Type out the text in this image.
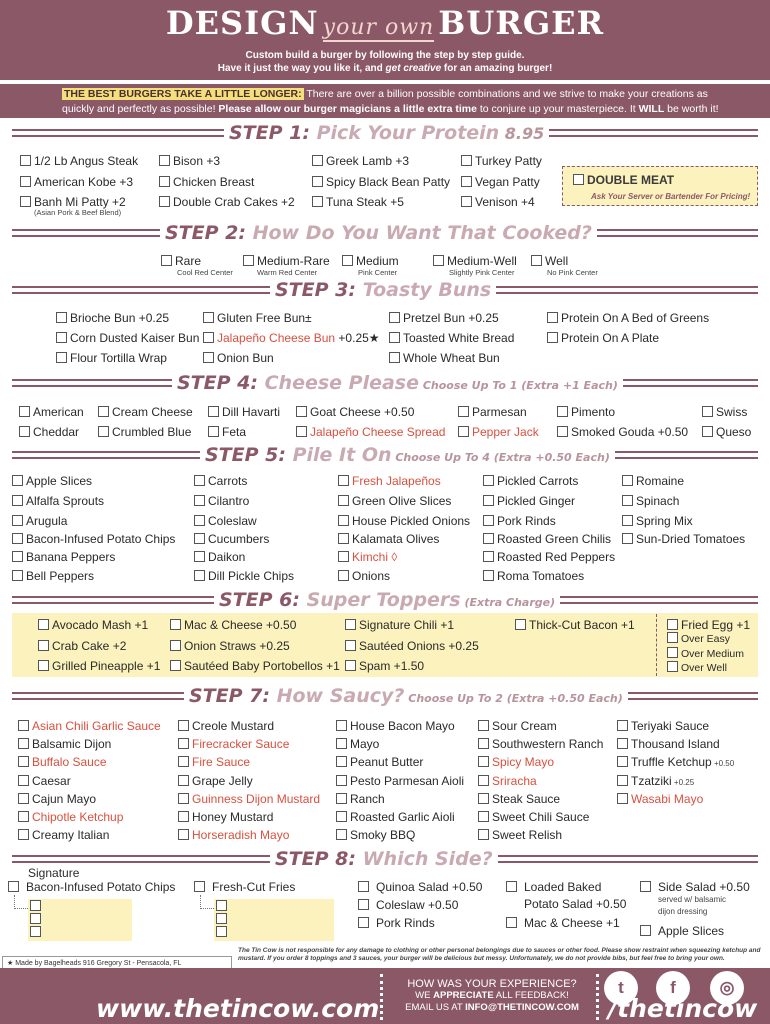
DESIGN your own BURGER
Custom build a burger by following the step by step guide.
Have it just the way you like it, and get creative for an amazing burger!
THE BEST BURGERS TAKE A LITTLE LONGER: There are over a billion possible combinations and we strive to make your creations as quickly and perfectly as possible! Please allow our burger magicians a little extra time to conjure up your masterpiece. It WILL be worth it!
STEP 1: Pick Your Protein 8.95
STEP 2: How Do You Want That Cooked?
STEP 3: Toasty Buns
STEP 4: Cheese Please Choose Up To 1 (Extra +1 Each)
STEP 5: Pile It On Choose Up To 4 (Extra +0.50 Each)
STEP 6: Super Toppers (Extra Charge)
STEP 7: How Saucy? Choose Up To 2 (Extra +0.50 Each)
STEP 8: Which Side?
1/2 Lb Angus Steak
American Kobe +3
Banh Mi Patty +2
(Asian Pork & Beef Blend)
Bison +3
Chicken Breast
Double Crab Cakes +2
Greek Lamb +3
Spicy Black Bean Patty
Tuna Steak +5
Turkey Patty
Vegan Patty
Venison +4
DOUBLE MEAT
Ask Your Server or Bartender For Pricing!
Rare	Medium-Rare	Medium	Medium-Well	Well
Cool Red Center	Warm Red Center	Pink Center	Slightly Pink Center	No Pink Center
Brioche Bun +0.25
Corn Dusted Kaiser Bun
Flour Tortilla Wrap
Gluten Free Bun±
Jalapeño Cheese Bun +0.25★
Onion Bun
Pretzel Bun +0.25
Toasted White Bread
Whole Wheat Bun
Protein On A Bed of Greens
Protein On A Plate
American
Cheddar
Cream Cheese
Crumbled Blue
Dill Havarti
Feta
Goat Cheese +0.50
Jalapeño Cheese Spread
Parmesan
Pepper Jack
Pimento
Smoked Gouda +0.50
Swiss
Queso
Apple Slices
Alfalfa Sprouts
Arugula
Bacon-Infused Potato Chips
Banana Peppers
Bell Peppers
Carrots
Cilantro
Coleslaw
Cucumbers
Daikon
Dill Pickle Chips
Fresh Jalapeños
Green Olive Slices
House Pickled Onions
Kalamata Olives
Kimchi ◊
Onions
Pickled Carrots
Pickled Ginger
Pork Rinds
Roasted Green Chilis
Roasted Red Peppers
Roma Tomatoes
Romaine
Spinach
Spring Mix
Sun-Dried Tomatoes
Avocado Mash +1
Crab Cake +2
Grilled Pineapple +1
Mac & Cheese +0.50
Onion Straws +0.25
Sautéed Baby Portobellos +1
Signature Chili +1
Sautéed Onions +0.25
Spam +1.50
Thick-Cut Bacon +1	Fried Egg +1
Over Easy
Over Medium
Over Well
Asian Chili Garlic Sauce
Balsamic Dijon
Buffalo Sauce
Caesar
Cajun Mayo
Chipotle Ketchup
Creamy Italian
Creole Mustard
Firecracker Sauce
Fire Sauce
Grape Jelly
Guinness Dijon Mustard
Honey Mustard
Horseradish Mayo
House Bacon Mayo
Mayo
Peanut Butter
Pesto Parmesan Aioli
Ranch
Roasted Garlic Aioli
Smoky BBQ
Sour Cream
Southwestern Ranch
Spicy Mayo
Sriracha
Steak Sauce
Sweet Chili Sauce
Sweet Relish
Teriyaki Sauce
Thousand Island
Truffle Ketchup +0.50
Tzatziki +0.25
Wasabi Mayo
Signature
Bacon-Infused Potato Chips	Fresh-Cut Fries	Quinoa Salad +0.50
Coleslaw +0.50
Pork Rinds
Loaded Baked
Potato Salad +0.50
Mac & Cheese +1
Side Salad +0.50
served w/ balsamic
dijon dressing
Apple Slices
The Tin Cow is not responsible for any damage to clothing or other personal belongings due to sauces or other food. Please show restraint when squeezing ketchup and mustard. If you order 8 toppings and 3 sauces, your burger will be delicious but messy. Unfortunately, we do not provide bibs, but feel free to bring your own.
★ Made by Bagelheads 916 Gregory St - Pensacola, FL
www.thetincow.com
HOW WAS YOUR EXPERIENCE?
WE APPRECIATE ALL FEEDBACK!
EMAIL US AT INFO@THETINCOW.COM
t	f	◎
/thetincow
